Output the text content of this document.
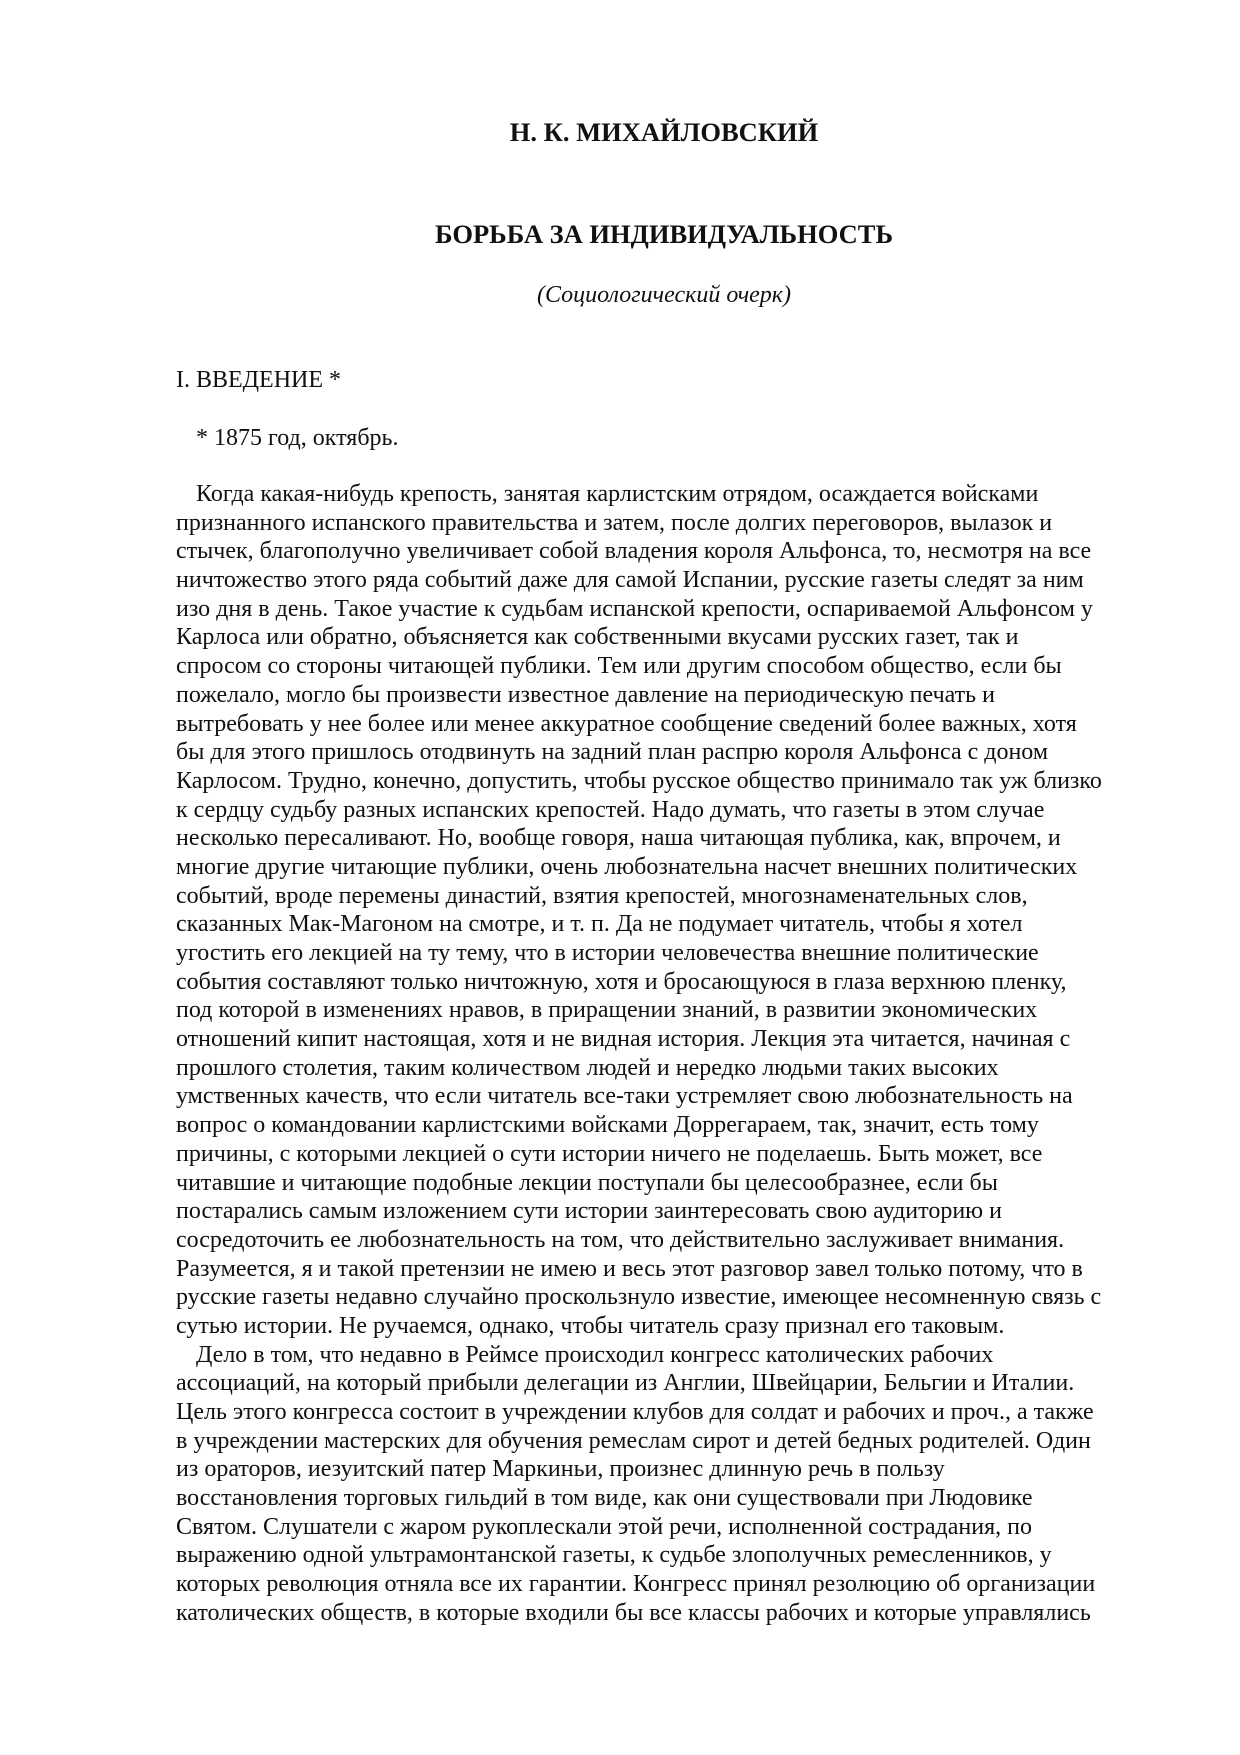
Н. К. МИХАЙЛОВСКИЙ
БОРЬБА ЗА ИНДИВИДУАЛЬНОСТЬ
(Социологический очерк)
I. ВВЕДЕНИЕ *
* 1875 год, октябрь.
Когда какая-нибудь крепость, занятая карлистским отрядом, осаждается войсками
признанного испанского правительства и затем, после долгих переговоров, вылазок и
стычек, благополучно увеличивает собой владения короля Альфонса, то, несмотря на все
ничтожество этого ряда событий даже для самой Испании, русские газеты следят за ним
изо дня в день. Такое участие к судьбам испанской крепости, оспариваемой Альфонсом у
Карлоса или обратно, объясняется как собственными вкусами русских газет, так и
спросом со стороны читающей публики. Тем или другим способом общество, если бы
пожелало, могло бы произвести известное давление на периодическую печать и
вытребовать у нее более или менее аккуратное сообщение сведений более важных, хотя
бы для этого пришлось отодвинуть на задний план распрю короля Альфонса с доном
Карлосом. Трудно, конечно, допустить, чтобы русское общество принимало так уж близко
к сердцу судьбу разных испанских крепостей. Надо думать, что газеты в этом случае
несколько пересаливают. Но, вообще говоря, наша читающая публика, как, впрочем, и
многие другие читающие публики, очень любознательна насчет внешних политических
событий, вроде перемены династий, взятия крепостей, многознаменательных слов,
сказанных Мак-Магоном на смотре, и т. п. Да не подумает читатель, чтобы я хотел
угостить его лекцией на ту тему, что в истории человечества внешние политические
события составляют только ничтожную, хотя и бросающуюся в глаза верхнюю пленку,
под которой в изменениях нравов, в приращении знаний, в развитии экономических
отношений кипит настоящая, хотя и не видная история. Лекция эта читается, начиная с
прошлого столетия, таким количеством людей и нередко людьми таких высоких
умственных качеств, что если читатель все-таки устремляет свою любознательность на
вопрос о командовании карлистскими войсками Доррегараем, так, значит, есть тому
причины, с которыми лекцией о сути истории ничего не поделаешь. Быть может, все
читавшие и читающие подобные лекции поступали бы целесообразнее, если бы
постарались самым изложением сути истории заинтересовать свою аудиторию и
сосредоточить ее любознательность на том, что действительно заслуживает внимания.
Разумеется, я и такой претензии не имею и весь этот разговор завел только потому, что в
русские газеты недавно случайно проскользнуло известие, имеющее несомненную связь с
сутью истории. Не ручаемся, однако, чтобы читатель сразу признал его таковым.
Дело в том, что недавно в Реймсе происходил конгресс католических рабочих
ассоциаций, на который прибыли делегации из Англии, Швейцарии, Бельгии и Италии.
Цель этого конгресса состоит в учреждении клубов для солдат и рабочих и проч., а также
в учреждении мастерских для обучения ремеслам сирот и детей бедных родителей. Один
из ораторов, иезуитский патер Маркиньи, произнес длинную речь в пользу
восстановления торговых гильдий в том виде, как они существовали при Людовике
Святом. Слушатели с жаром рукоплескали этой речи, исполненной сострадания, по
выражению одной ультрамонтанской газеты, к судьбе злополучных ремесленников, у
которых революция отняла все их гарантии. Конгресс принял резолюцию об организации
католических обществ, в которые входили бы все классы рабочих и которые управлялись
